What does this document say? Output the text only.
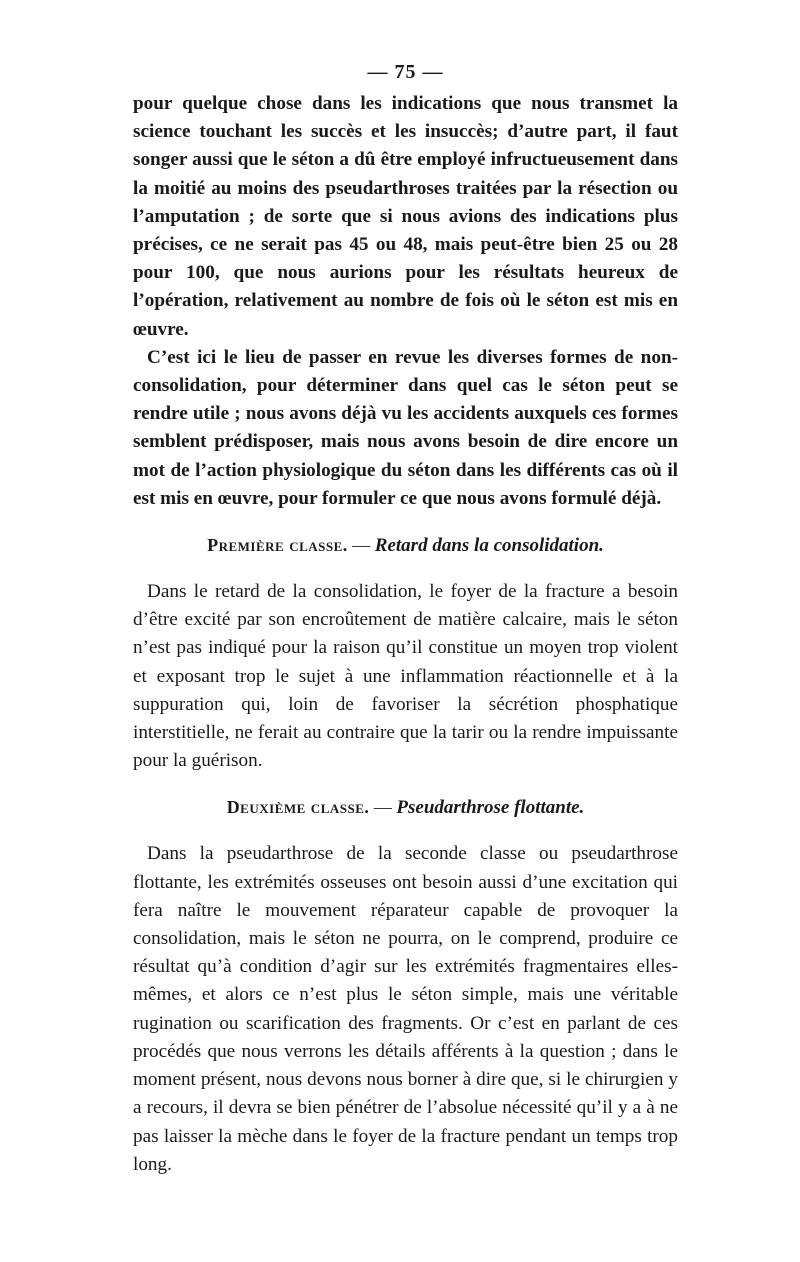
— 75 —

pour quelque chose dans les indications que nous transmet la science touchant les succès et les insuccès; d’autre part, il faut songer aussi que le séton a dû être employé infructueusement dans la moitié au moins des pseudarthroses traitées par la résection ou l’amputation ; de sorte que si nous avions des indications plus précises, ce ne serait pas 45 ou 48, mais peut-être bien 25 ou 28 pour 100, que nous aurions pour les résultats heureux de l’opération, relativement au nombre de fois où le séton est mis en œuvre.

C’est ici le lieu de passer en revue les diverses formes de non-consolidation, pour déterminer dans quel cas le séton peut se rendre utile ; nous avons déjà vu les accidents auxquels ces formes semblent prédisposer, mais nous avons besoin de dire encore un mot de l’action physiologique du séton dans les différents cas où il est mis en œuvre, pour formuler ce que nous avons formulé déjà.

Première classe. — Retard dans la consolidation.

Dans le retard de la consolidation, le foyer de la fracture a besoin d’être excité par son encroûtement de matière calcaire, mais le séton n’est pas indiqué pour la raison qu’il constitue un moyen trop violent et exposant trop le sujet à une inflammation réactionnelle et à la suppuration qui, loin de favoriser la sécrétion phosphatique interstitielle, ne ferait au contraire que la tarir ou la rendre impuissante pour la guérison.

Deuxième classe. — Pseudarthrose flottante.

Dans la pseudarthrose de la seconde classe ou pseudarthrose flottante, les extrémités osseuses ont besoin aussi d’une excitation qui fera naître le mouvement réparateur capable de provoquer la consolidation, mais le séton ne pourra, on le comprend, produire ce résultat qu’à condition d’agir sur les extrémités fragmentaires elles-mêmes, et alors ce n’est plus le séton simple, mais une véritable rugination ou scarification des fragments. Or c’est en parlant de ces procédés que nous verrons les détails afférents à la question ; dans le moment présent, nous devons nous borner à dire que, si le chirurgien y a recours, il devra se bien pénétrer de l’absolue nécessité qu’il y a à ne pas laisser la mèche dans le foyer de la fracture pendant un temps trop long.
